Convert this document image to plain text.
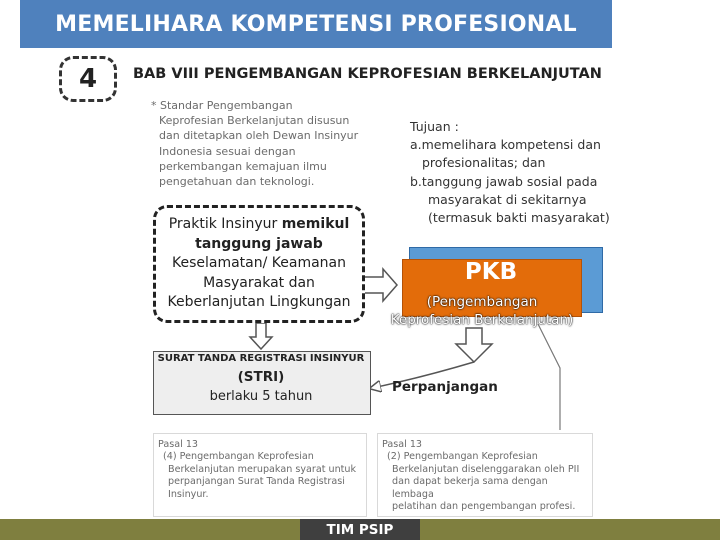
MEMELIHARA KOMPETENSI PROFESIONAL
4	BAB VIII PENGEMBANGAN KEPROFESIAN BERKELANJUTAN
* Standar Pengembangan
Keprofesian Berkelanjutan disusun
dan ditetapkan oleh Dewan Insinyur
Indonesia sesuai dengan
perkembangan kemajuan ilmu
pengetahuan dan teknologi.
Tujuan :
a.memelihara kompetensi dan
profesionalitas; dan
b.tanggung jawab sosial pada
masyarakat di sekitarnya
(termasuk bakti masyarakat)
Praktik Insinyur memikul
tanggung jawab
Keselamatan/ Keamanan
Masyarakat dan
Keberlanjutan Lingkungan
PKB
(Pengembangan
Keprofesian Berkelanjutan)
SURAT TANDA REGISTRASI INSINYUR
(STRI)
berlaku 5 tahun
Perpanjangan
Pasal 13
(4) Pengembangan Keprofesian
Berkelanjutan merupakan syarat untuk
perpanjangan Surat Tanda Registrasi
Insinyur.
Pasal 13
(2) Pengembangan Keprofesian
Berkelanjutan diselenggarakan oleh PII
dan dapat bekerja sama dengan lembaga
pelatihan dan pengembangan profesi.
TIM PSIP
